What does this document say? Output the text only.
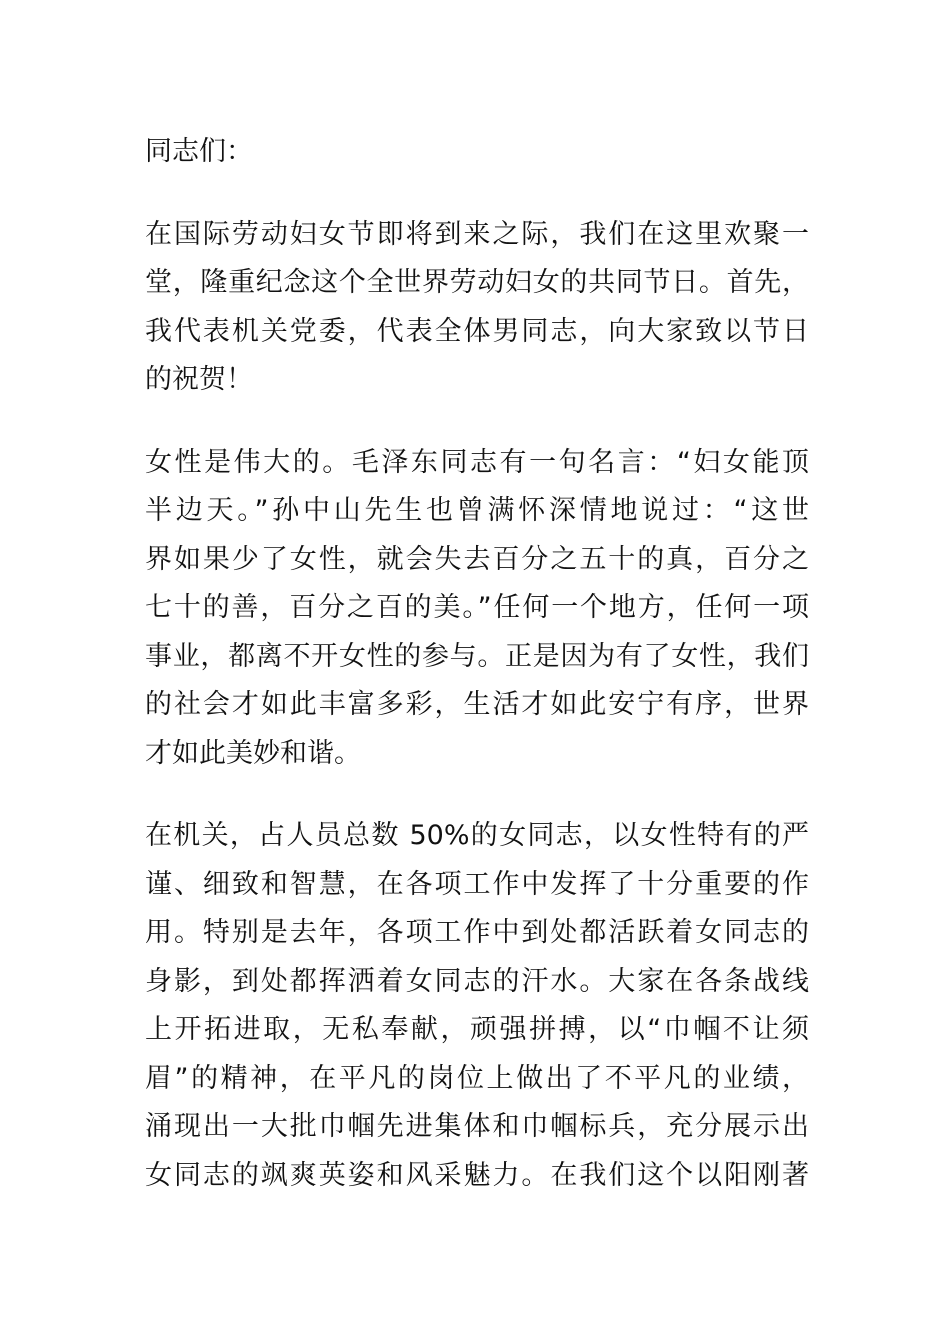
同志们：
在国际劳动妇女节即将到来之际，我们在这里欢聚一
堂，隆重纪念这个全世界劳动妇女的共同节日。首先，
我代表机关党委，代表全体男同志，向大家致以节日
的祝贺！
女性是伟大的。毛泽东同志有一句名言：“妇女能顶
半边天。”孙中山先生也曾满怀深情地说过：“这世
界如果少了女性，就会失去百分之五十的真，百分之
七十的善，百分之百的美。”任何一个地方，任何一项
事业，都离不开女性的参与。正是因为有了女性，我们
的社会才如此丰富多彩，生活才如此安宁有序，世界
才如此美妙和谐。
在机关，占人员总数 50%的女同志，以女性特有的严
谨、细致和智慧，在各项工作中发挥了十分重要的作
用。特别是去年，各项工作中到处都活跃着女同志的
身影，到处都挥洒着女同志的汗水。大家在各条战线
上开拓进取，无私奉献，顽强拼搏，以“巾帼不让须
眉”的精神，在平凡的岗位上做出了不平凡的业绩，
涌现出一大批巾帼先进集体和巾帼标兵，充分展示出
女同志的飒爽英姿和风采魅力。在我们这个以阳刚著
